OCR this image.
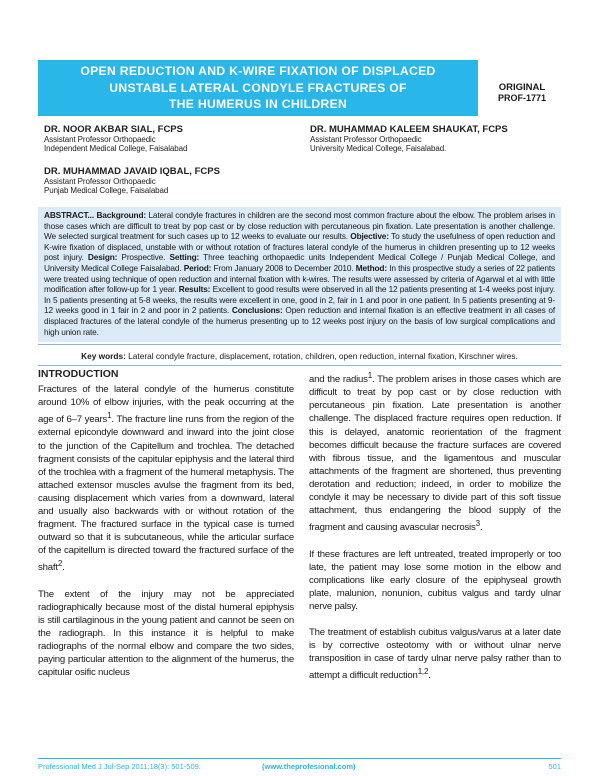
OPEN REDUCTION AND K-WIRE FIXATION OF DISPLACED
UNSTABLE LATERAL CONDYLE FRACTURES OF
THE HUMERUS IN CHILDREN
ORIGINAL
PROF-1771
DR. NOOR AKBAR SIAL, FCPS
Assistant Professor Orthopaedic
Independent Medical College, Faisalabad
DR. MUHAMMAD KALEEM SHAUKAT, FCPS
Assistant Professor Orthopaedic
University Medical College, Faisalabad.
DR. MUHAMMAD JAVAID IQBAL, FCPS
Assistant Professor Orthopaedic
Punjab Medical College, Faisalabad
ABSTRACT... Background: Lateral condyle fractures in children are the second most common fracture about the elbow. The problem arises in those cases which are difficult to treat by pop cast or by close reduction with percutaneous pin fixation. Late presentation is another challenge. We selected surgical treatment for such cases up to 12 weeks to evaluate our results. Objective: To study the usefulness of open reduction and K-wire fixation of displaced, unstable with or without rotation of fractures lateral condyle of the humerus in children presenting up to 12 weeks post injury. Design: Prospective. Setting: Three teaching orthopaedic units Independent Medical College / Punjab Medical College, and University Medical College Faisalabad. Period: From January 2008 to December 2010. Method: In this prospective study a series of 22 patients were treated using technique of open reduction and internal fixation with k-wires. The results were assessed by criteria of Agarwal et al with little modification after follow-up for 1 year. Results: Excellent to good results were observed in all the 12 patients presenting at 1-4 weeks post injury. In 5 patients presenting at 5-8 weeks, the results were excellent in one, good in 2, fair in 1 and poor in one patient. In 5 patients presenting at 9-12 weeks good in 1 fair in 2 and poor in 2 patients. Conclusions: Open reduction and internal fixation is an effective treatment in all cases of displaced fractures of the lateral condyle of the humerus presenting up to 12 weeks post injury on the basis of low surgical complications and high union rate.
Key words: Lateral condyle fracture, displacement, rotation, children, open reduction, internal fixation, Kirschner wires.
INTRODUCTION

Fractures of the lateral condyle of the humerus constitute around 10% of elbow injuries, with the peak occurring at the age of 6–7 years$^1$. The fracture line runs from the region of the external epicondyle downward and inward into the joint close to the junction of the Capitellum and trochlea. The detached fragment consists of the capitular epiphysis and the lateral third of the trochlea with a fragment of the humeral metaphysis. The attached extensor muscles avulse the fragment from its bed, causing displacement which varies from a downward, lateral and usually also backwards with or without rotation of the fragment. The fractured surface in the typical case is turned outward so that it is subcutaneous, while the articular surface of the capitellum is directed toward the fractured surface of the shaft$^2$.

The extent of the injury may not be appreciated radiographically because most of the distal humeral epiphysis is still cartilaginous in the young patient and cannot be seen on the radiograph. In this instance it is helpful to make radiographs of the normal elbow and compare the two sides, paying particular attention to the alignment of the humerus, the capitular osific nucleus

and the radius$^1$. The problem arises in those cases which are difficult to treat by pop cast or by close reduction with percutaneous pin fixation. Late presentation is another challenge. The displaced fracture requires open reduction. If this is delayed, anatomic reorientation of the fragment becomes difficult because the fracture surfaces are covered with fibrous tissue, and the ligamentous and muscular attachments of the fragment are shortened, thus preventing derotation and reduction; indeed, in order to mobilize the condyle it may be necessary to divide part of this soft tissue attachment, thus endangering the blood supply of the fragment and causing avascular necrosis$^3$.

If these fractures are left untreated, treated improperly or too late, the patient may lose some motion in the elbow and complications like early closure of the epiphyseal growth plate, malunion, nonunion, cubitus valgus and tardy ulnar nerve palsy.

The treatment of establish cubitus valgus/varus at a later date is by corrective osteotomy with or without ulnar nerve transposition in case of tardy ulnar nerve palsy rather than to attempt a difficult reduction$^{1,2}$.

Professional Med J Jul-Sep 2011;18(3): 501-509.	(www.theprofesional.com)	501
